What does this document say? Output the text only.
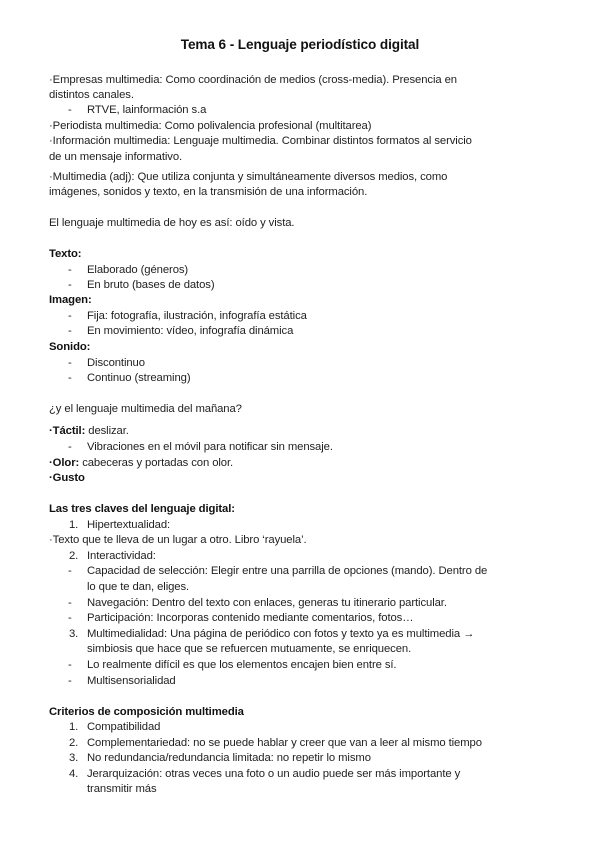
Tema 6 - Lenguaje periodístico digital
·Empresas multimedia: Como coordinación de medios (cross-media). Presencia en
distintos canales.
- RTVE, lainformación s.a
·Periodista multimedia: Como polivalencia profesional (multitarea)
·Información multimedia: Lenguaje multimedia. Combinar distintos formatos al servicio
de un mensaje informativo.
·Multimedia (adj): Que utiliza conjunta y simultáneamente diversos medios, como
imágenes, sonidos y texto, en la transmisión de una información.
El lenguaje multimedia de hoy es así: oído y vista.
Texto:
- Elaborado (géneros)
- En bruto (bases de datos)
Imagen:
- Fija: fotografía, ilustración, infografía estática
- En movimiento: vídeo, infografía dinámica
Sonido:
- Discontinuo
- Continuo (streaming)
¿y el lenguaje multimedia del mañana?
·Táctil: deslizar.
- Vibraciones en el móvil para notificar sin mensaje.
·Olor: cabeceras y portadas con olor.
·Gusto
Las tres claves del lenguaje digital:
1. Hipertextualidad:
·Texto que te lleva de un lugar a otro. Libro ‘rayuela’.
2. Interactividad:
- Capacidad de selección: Elegir entre una parrilla de opciones (mando). Dentro de
lo que te dan, eliges.
- Navegación: Dentro del texto con enlaces, generas tu itinerario particular.
- Participación: Incorporas contenido mediante comentarios, fotos…
3. Multimedialidad: Una página de periódico con fotos y texto ya es multimedia →
simbiosis que hace que se refuercen mutuamente, se enriquecen.
- Lo realmente difícil es que los elementos encajen bien entre sí.
- Multisensorialidad
Criterios de composición multimedia
1. Compatibilidad
2. Complementariedad: no se puede hablar y creer que van a leer al mismo tiempo
3. No redundancia/redundancia limitada: no repetir lo mismo
4. Jerarquización: otras veces una foto o un audio puede ser más importante y
transmitir más
